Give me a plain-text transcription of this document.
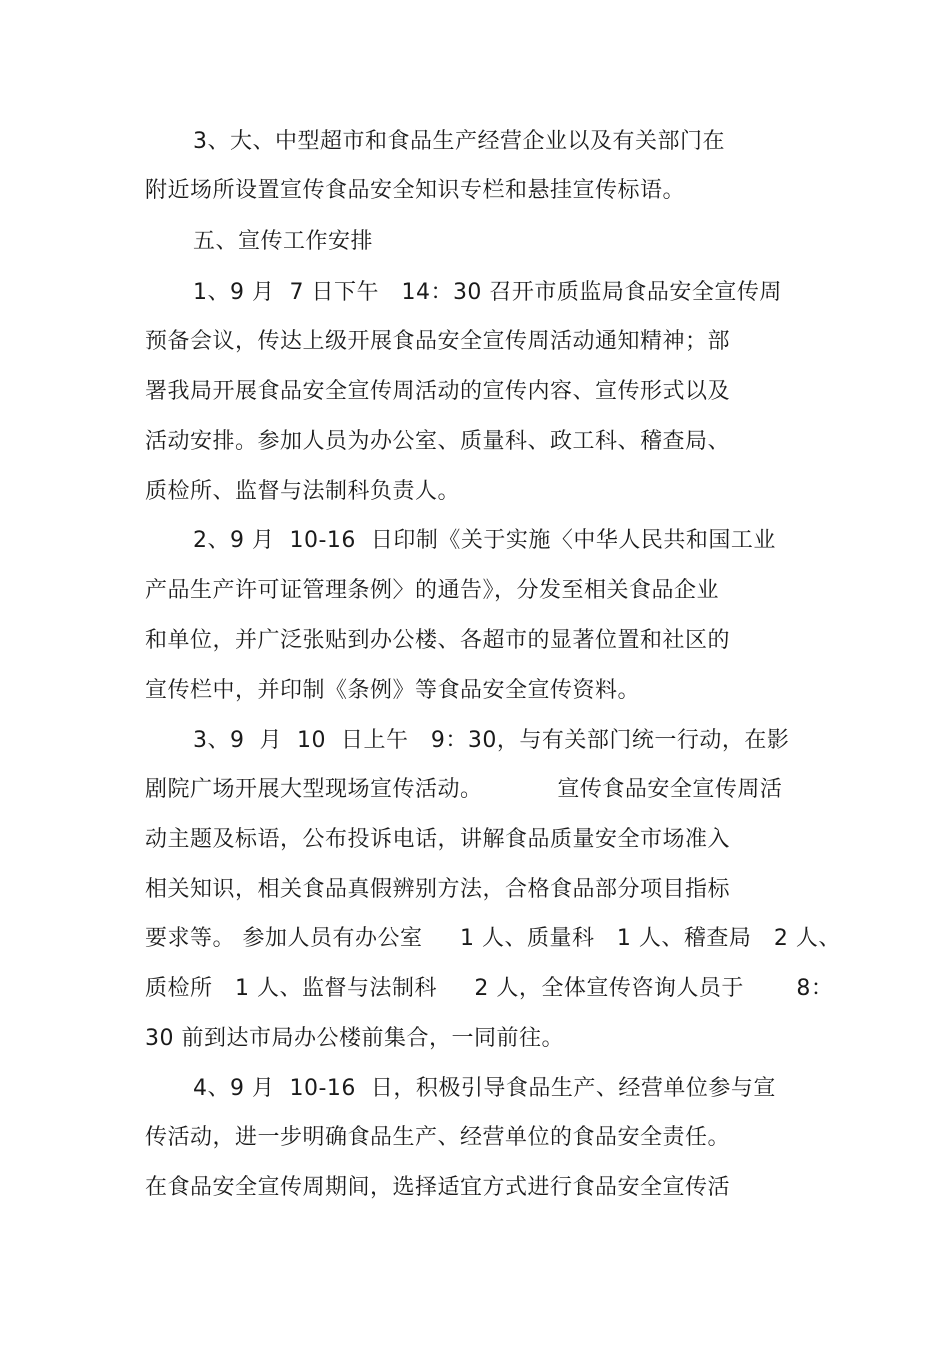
3、大、中型超市和食品生产经营企业以及有关部门在
附近场所设置宣传食品安全知识专栏和悬挂宣传标语。
五、宣传工作安排
1、9 月  7 日下午   14：30 召开市质监局食品安全宣传周
预备会议，传达上级开展食品安全宣传周活动通知精神；部
署我局开展食品安全宣传周活动的宣传内容、宣传形式以及
活动安排。参加人员为办公室、质量科、政工科、稽查局、
质检所、监督与法制科负责人。
2、9 月  10-16  日印制《关于实施〈中华人民共和国工业
产品生产许可证管理条例〉的通告》，分发至相关食品企业
和单位，并广泛张贴到办公楼、各超市的显著位置和社区的
宣传栏中，并印制《条例》等食品安全宣传资料。
3、9  月  10  日上午   9：30，与有关部门统一行动，在影
剧院广场开展大型现场宣传活动。          宣传食品安全宣传周活
动主题及标语，公布投诉电话，讲解食品质量安全市场准入
相关知识，相关食品真假辨别方法，合格食品部分项目指标
要求等。 参加人员有办公室     1 人、质量科   1 人、稽查局   2 人、
质检所   1 人、监督与法制科     2 人，全体宣传咨询人员于       8：
30 前到达市局办公楼前集合，一同前往。
4、9 月  10-16  日，积极引导食品生产、经营单位参与宣
传活动，进一步明确食品生产、经营单位的食品安全责任。
在食品安全宣传周期间，选择适宜方式进行食品安全宣传活
